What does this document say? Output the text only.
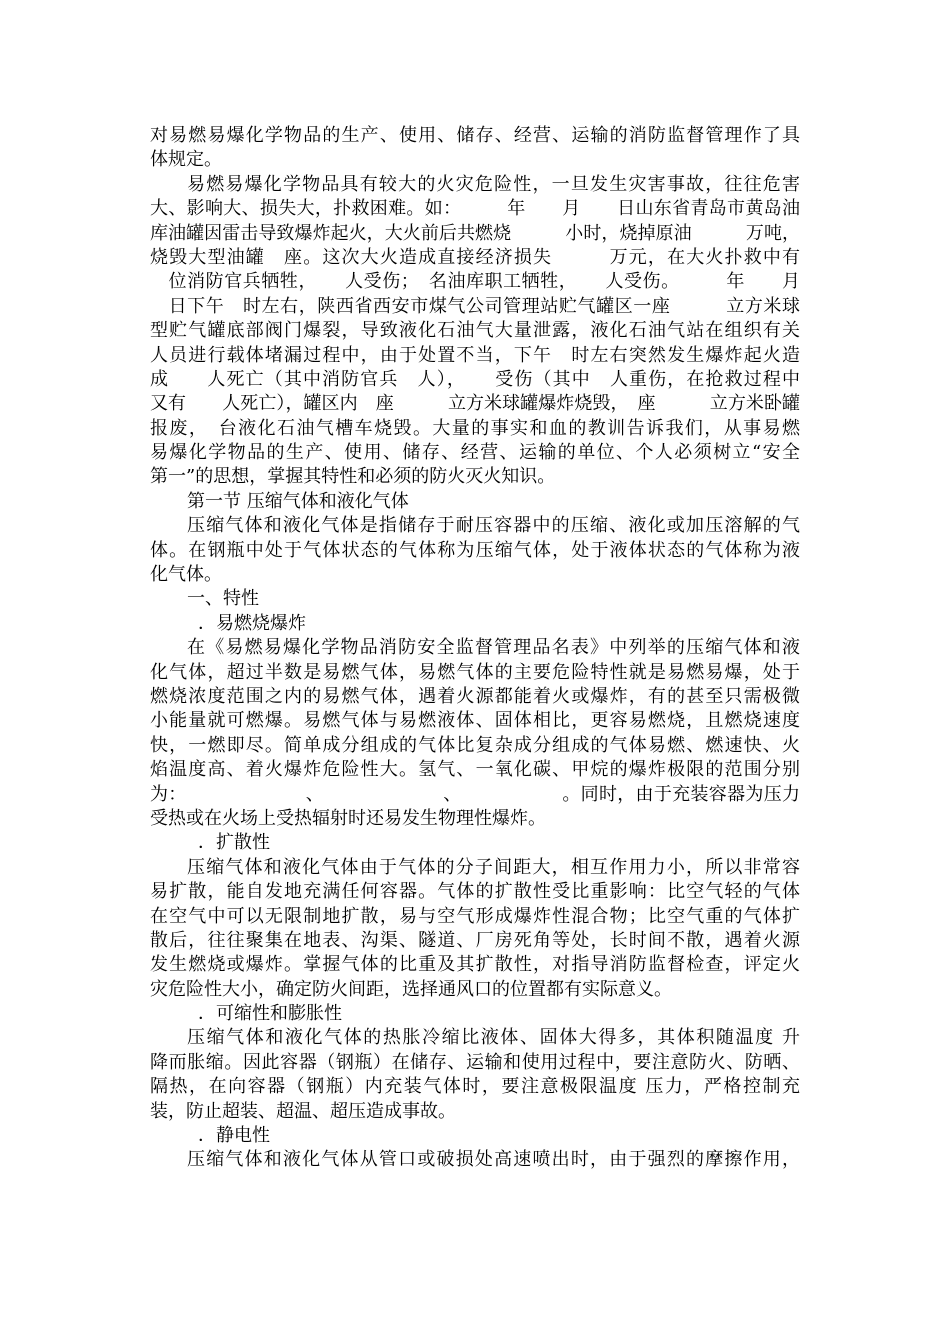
对易燃易爆化学物品的生产、使用、储存、经营、运输的消防监督管理作了具
体规定。
易燃易爆化学物品具有较大的火灾危险性，一旦发生灾害事故，往往危害
大、影响大、损失大，扑救困难。如：　　　年　　月　　日山东省青岛市黄岛油
库油罐因雷击导致爆炸起火，大火前后共燃烧　　　小时，烧掉原油　　　万吨，
烧毁大型油罐　座。这次大火造成直接经济损失　　　万元，在大火扑救中有
　位消防官兵牺牲，　　人受伤；　名油库职工牺牲，　　人受伤。　　　年　　月
　日下午　时左右，陕西省西安市煤气公司管理站贮气罐区一座　　　立方米球
型贮气罐底部阀门爆裂，导致液化石油气大量泄露，液化石油气站在组织有关
人员进行载体堵漏过程中，由于处置不当，下午　时左右突然发生爆炸起火造
成　　人死亡（其中消防官兵　人），　　受伤（其中　人重伤，在抢救过程中
又有　　人死亡），罐区内　座　　　立方米球罐爆炸烧毁，　座　　　立方米卧罐
报废，　台液化石油气槽车烧毁。大量的事实和血的教训告诉我们，从事易燃
易爆化学物品的生产、使用、储存、经营、运输的单位、个人必须树立“安全
第一”的思想，掌握其特性和必须的防火灭火知识。
第一节 压缩气体和液化气体
压缩气体和液化气体是指储存于耐压容器中的压缩、液化或加压溶解的气
体。在钢瓶中处于气体状态的气体称为压缩气体，处于液体状态的气体称为液
化气体。
一、特性
．易燃烧爆炸
在《易燃易爆化学物品消防安全监督管理品名表》中列举的压缩气体和液
化气体，超过半数是易燃气体，易燃气体的主要危险特性就是易燃易爆，处于
燃烧浓度范围之内的易燃气体，遇着火源都能着火或爆炸，有的甚至只需极微
小能量就可燃爆。易燃气体与易燃液体、固体相比，更容易燃烧，且燃烧速度
快，一燃即尽。简单成分组成的气体比复杂成分组成的气体易燃、燃速快、火
焰温度高、着火爆炸危险性大。氢气、一氧化碳、甲烷的爆炸极限的范围分别
为：　　　　　　　、　　　　　　　、　　　　　　。同时，由于充装容器为压力
受热或在火场上受热辐射时还易发生物理性爆炸。
．扩散性
压缩气体和液化气体由于气体的分子间距大，相互作用力小，所以非常容
易扩散，能自发地充满任何容器。气体的扩散性受比重影响：比空气轻的气体
在空气中可以无限制地扩散，易与空气形成爆炸性混合物；比空气重的气体扩
散后，往往聚集在地表、沟渠、隧道、厂房死角等处，长时间不散，遇着火源
发生燃烧或爆炸。掌握气体的比重及其扩散性，对指导消防监督检查，评定火
灾危险性大小，确定防火间距，选择通风口的位置都有实际意义。
．可缩性和膨胀性
压缩气体和液化气体的热胀冷缩比液体、固体大得多，其体积随温度 升
降而胀缩。因此容器（钢瓶）在储存、运输和使用过程中，要注意防火、防晒、
隔热，在向容器（钢瓶）内充装气体时，要注意极限温度 压力，严格控制充
装，防止超装、超温、超压造成事故。
．静电性
压缩气体和液化气体从管口或破损处高速喷出时，由于强烈的摩擦作用，
